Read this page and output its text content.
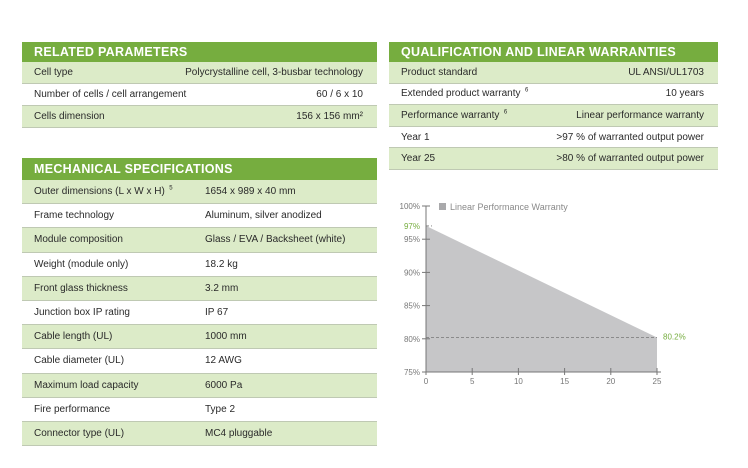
RELATED PARAMETERS
Cell type	Polycrystalline cell, 3-busbar technology
Number of cells / cell arrangement	60 / 6 x 10
Cells dimension	156 x 156 mm²
MECHANICAL SPECIFICATIONS
Outer dimensions (L x W x H)  $^5$	1654 x 989 x 40 mm
Frame technology	Aluminum, silver anodized
Module composition	Glass / EVA / Backsheet (white)
Weight (module only)	18.2 kg
Front glass thickness	3.2 mm
Junction box IP rating	IP 67
Cable length (UL)	1000 mm
Cable diameter (UL)	12 AWG
Maximum load capacity	6000 Pa
Fire performance	Type 2
Connector type (UL)	MC4 pluggable
QUALIFICATION AND LINEAR WARRANTIES
Product standard	UL ANSI/UL1703
Extended product warranty  $^6$	10 years
Performance warranty  $^6$	Linear performance warranty
Year 1	>97 % of warranted output power
Year 25	>80 % of warranted output power
75%
80%
85%
90%
95%
100%
0	5	10	15	20	25
97%
80.2%
Linear Performance Warranty
